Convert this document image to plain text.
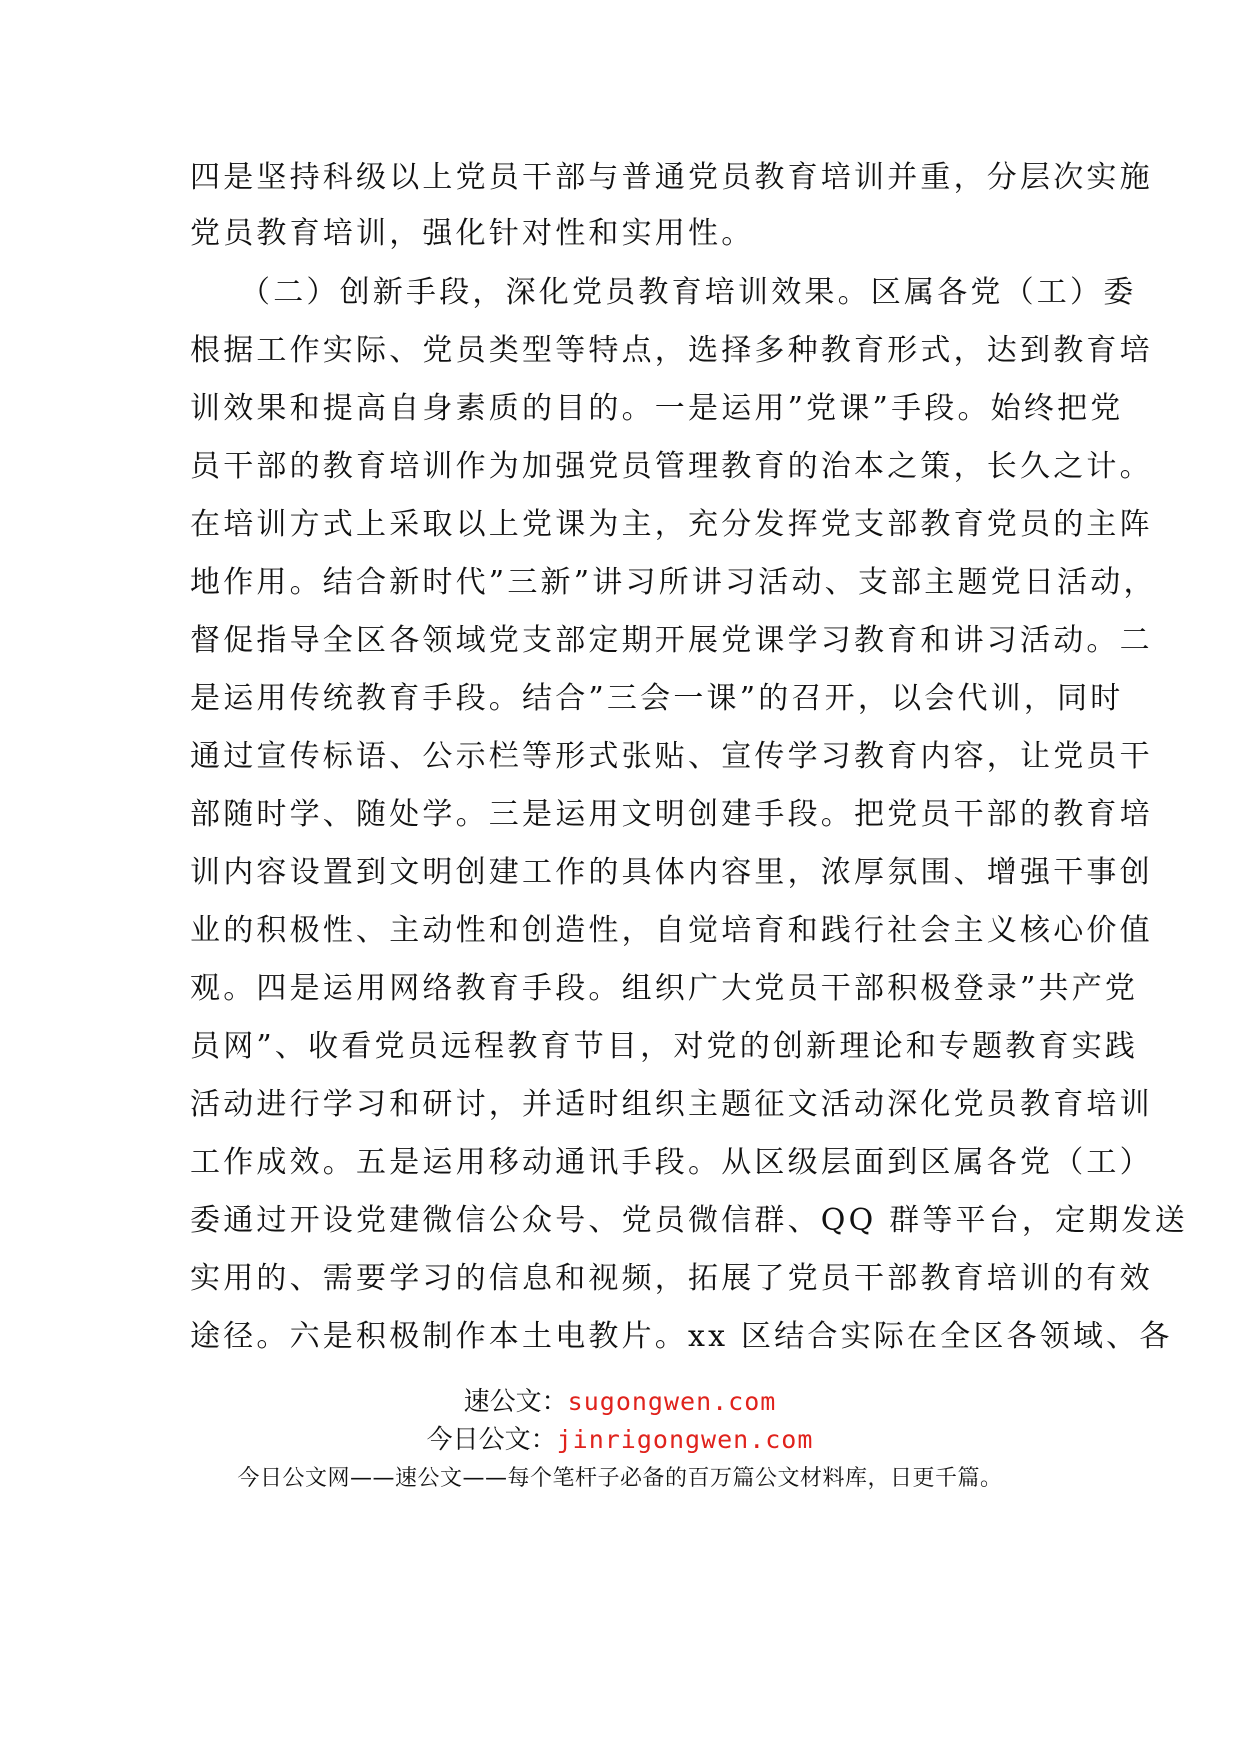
四是坚持科级以上党员干部与普通党员教育培训并重，分层次实施
党员教育培训，强化针对性和实用性。
（二）创新手段，深化党员教育培训效果。区属各党（工）委
根据工作实际、党员类型等特点，选择多种教育形式，达到教育培
训效果和提高自身素质的目的。一是运用”党课”手段。始终把党
员干部的教育培训作为加强党员管理教育的治本之策，长久之计。
在培训方式上采取以上党课为主，充分发挥党支部教育党员的主阵
地作用。结合新时代”三新”讲习所讲习活动、支部主题党日活动，
督促指导全区各领域党支部定期开展党课学习教育和讲习活动。二
是运用传统教育手段。结合”三会一课”的召开，以会代训，同时
通过宣传标语、公示栏等形式张贴、宣传学习教育内容，让党员干
部随时学、随处学。三是运用文明创建手段。把党员干部的教育培
训内容设置到文明创建工作的具体内容里，浓厚氛围、增强干事创
业的积极性、主动性和创造性，自觉培育和践行社会主义核心价值
观。四是运用网络教育手段。组织广大党员干部积极登录”共产党
员网”、收看党员远程教育节目，对党的创新理论和专题教育实践
活动进行学习和研讨，并适时组织主题征文活动深化党员教育培训
工作成效。五是运用移动通讯手段。从区级层面到区属各党（工）
委通过开设党建微信公众号、党员微信群、QQ 群等平台，定期发送
实用的、需要学习的信息和视频，拓展了党员干部教育培训的有效
途径。六是积极制作本土电教片。xx 区结合实际在全区各领域、各
速公文：sugongwen.com
今日公文：jinrigongwen.com
今日公文网——速公文——每个笔杆子必备的百万篇公文材料库，日更千篇。
